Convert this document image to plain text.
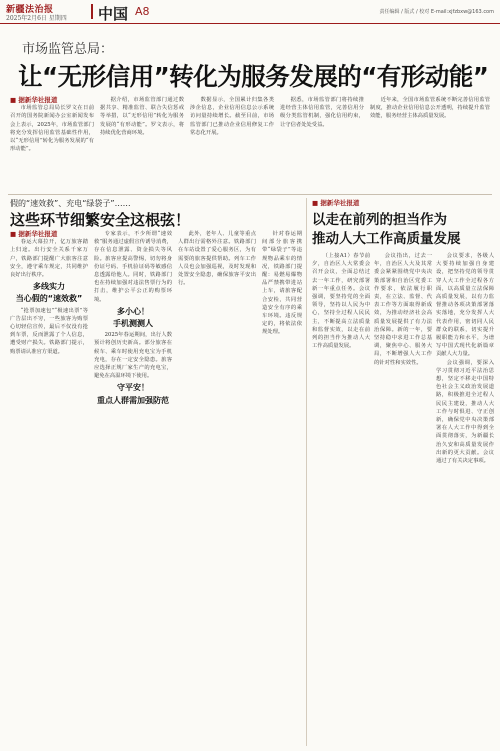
新疆法治报
2025年2月6日 星期四 中国 A8	责任编辑 / 版式 / 校对 E-mail:xjfzbxw@163.com
市场监管总局：
让“无形信用”转化为服务发展的“有形动能”
■ 据新华社报道

市场监管总局局长罗文在日前召开的国务院新闻办公室新闻发布会上表示，2025年，市场监管部门将充分发挥信用监管基础性作用，以“无形信用”转化为服务发展的“有形动能”。

据介绍，市场监管部门通过数据共享、精准监管、联合失信惩戒等举措，以“无形信用”转化为服务发展的“有形动能”。罗文表示，将持续优化营商环境。

数据显示，全国累计归集各类涉企信息，企业信用信息公示系统访问量持续增长。截至目前，市场监管部门已推动企业信用修复工作常态化开展。

据悉，市场监管部门将持续推进经营主体信用监管，完善信用分级分类监管机制，强化信用约束，让守信者处处受益。

近年来，全国市场监管系统不断完善信用监管制度，推动企业信用信息公开透明，持续提升监管效能，服务经营主体高质量发展。

假的“速效救”、充电“绿袋子”……
这些环节细繁安全这根弦！
■ 据新华社报道

春运大幕拉开，亿万旅客踏上归途。出行安全关系千家万户，铁路部门提醒广大旅客注意安全，遵守乘车规定，共同维护良好出行秩序。

多线实力
当心假的“速效救”

“抢票加速包”“极速出票”等广告层出不穷，一些旅客为购票心切轻信宣传，最后不仅没有抢到车票，反而泄露了个人信息，遭受财产损失。铁路部门提示，购票请认准官方渠道。

专家表示，不少所谓“速效救”服务通过虚假宣传诱导消费，存在信息泄露、资金损失等风险。旅客应提高警惕，切勿将身份证号码、手机验证码等敏感信息透露给他人。同时，铁路部门也在持续加强对违法售票行为的打击，维护公平公正的购票环境。

多小心！
手机测测人

2025年春运期间，出行人数预计将创历史新高。部分旅客在候车、乘车时使用充电宝为手机充电，存在一定安全隐患。旅客应选择正规厂家生产的充电宝，避免在高温环境下使用。

守平安！
重点人群需加强防范

此外，老年人、儿童等重点人群出行需格外注意。铁路部门在车站设置了爱心服务区，为有需要的旅客提供帮助。列车工作人员也会加强巡视，及时发现和处置安全隐患，确保旅客平安出行。

针对春运期间部分旅客携带“绿袋子”等违规物品乘车的情况，铁路部门提醒：易燃易爆物品严禁携带进站上车，请旅客配合安检，共同营造安全有序的乘车环境。违反规定的，将依法依规处理。

■ 据新华社报道
以走在前列的担当作为
推动人大工作高质量发展

（上接A1）春节前夕，自治区人大常委会召开会议，全面总结过去一年工作，研究部署新一年重点任务。会议强调，要坚持党的全面领导，坚持以人民为中心，坚持全过程人民民主，不断提高立法质量和监督实效，以走在前列的担当作为推动人大工作高质量发展。

会议指出，过去一年，自治区人大及其常委会紧紧围绕党中央决策部署和自治区党委工作要求，依法履行职责，在立法、监督、代表工作等方面取得新成效，为推动经济社会高质量发展提供了有力法治保障。新的一年，要坚持稳中求进工作总基调，聚焦中心、服务大局，不断增强人大工作的针对性和实效性。

会议要求，各级人大要持续加强自身建设，把坚持党的领导贯穿人大工作全过程各方面，以高质量立法保障高质量发展，以有力监督推动各项决策部署落实落地，充分发挥人大代表作用，密切同人民群众的联系，切实提升履职能力和水平，为谱写中国式现代化新篇章贡献人大力量。

会议强调，要深入学习贯彻习近平法治思想，坚定不移走中国特色社会主义政治发展道路，积极推进全过程人民民主建设，推动人大工作与时俱进、守正创新，确保党中央决策部署在人大工作中得到全面贯彻落实，为新疆长治久安和高质量发展作出新的更大贡献。会议通过了有关决定事项。
